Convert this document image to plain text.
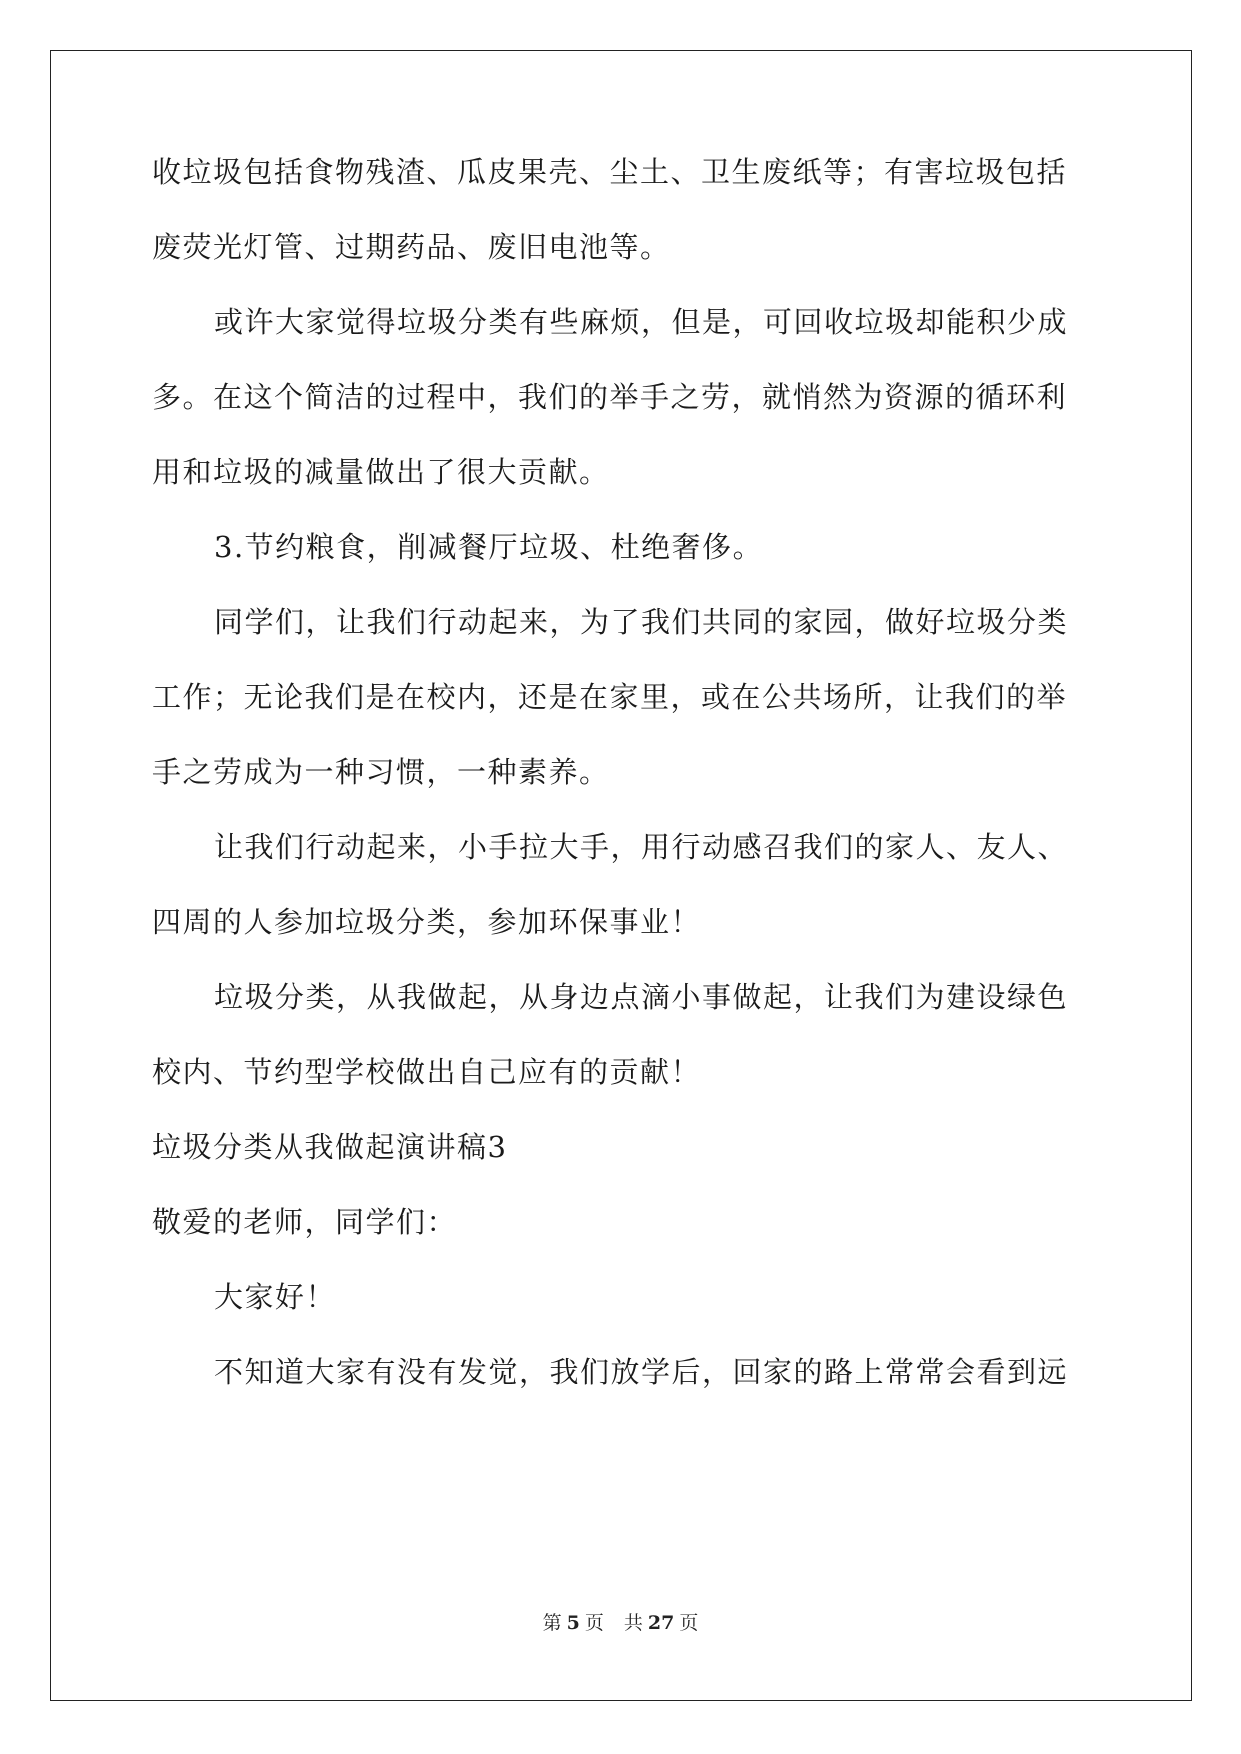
收垃圾包括食物残渣、瓜皮果壳、尘土、卫生废纸等；有害垃圾包括
废荧光灯管、过期药品、废旧电池等。
或许大家觉得垃圾分类有些麻烦，但是，可回收垃圾却能积少成
多。在这个简洁的过程中，我们的举手之劳，就悄然为资源的循环利
用和垃圾的减量做出了很大贡献。
3.节约粮食，削减餐厅垃圾、杜绝奢侈。
同学们，让我们行动起来，为了我们共同的家园，做好垃圾分类
工作；无论我们是在校内，还是在家里，或在公共场所，让我们的举
手之劳成为一种习惯，一种素养。
让我们行动起来，小手拉大手，用行动感召我们的家人、友人、
四周的人参加垃圾分类，参加环保事业！
垃圾分类，从我做起，从身边点滴小事做起，让我们为建设绿色
校内、节约型学校做出自己应有的贡献！
垃圾分类从我做起演讲稿3
敬爱的老师，同学们：
大家好！
不知道大家有没有发觉，我们放学后，回家的路上常常会看到远
第 5 页 共 27 页
